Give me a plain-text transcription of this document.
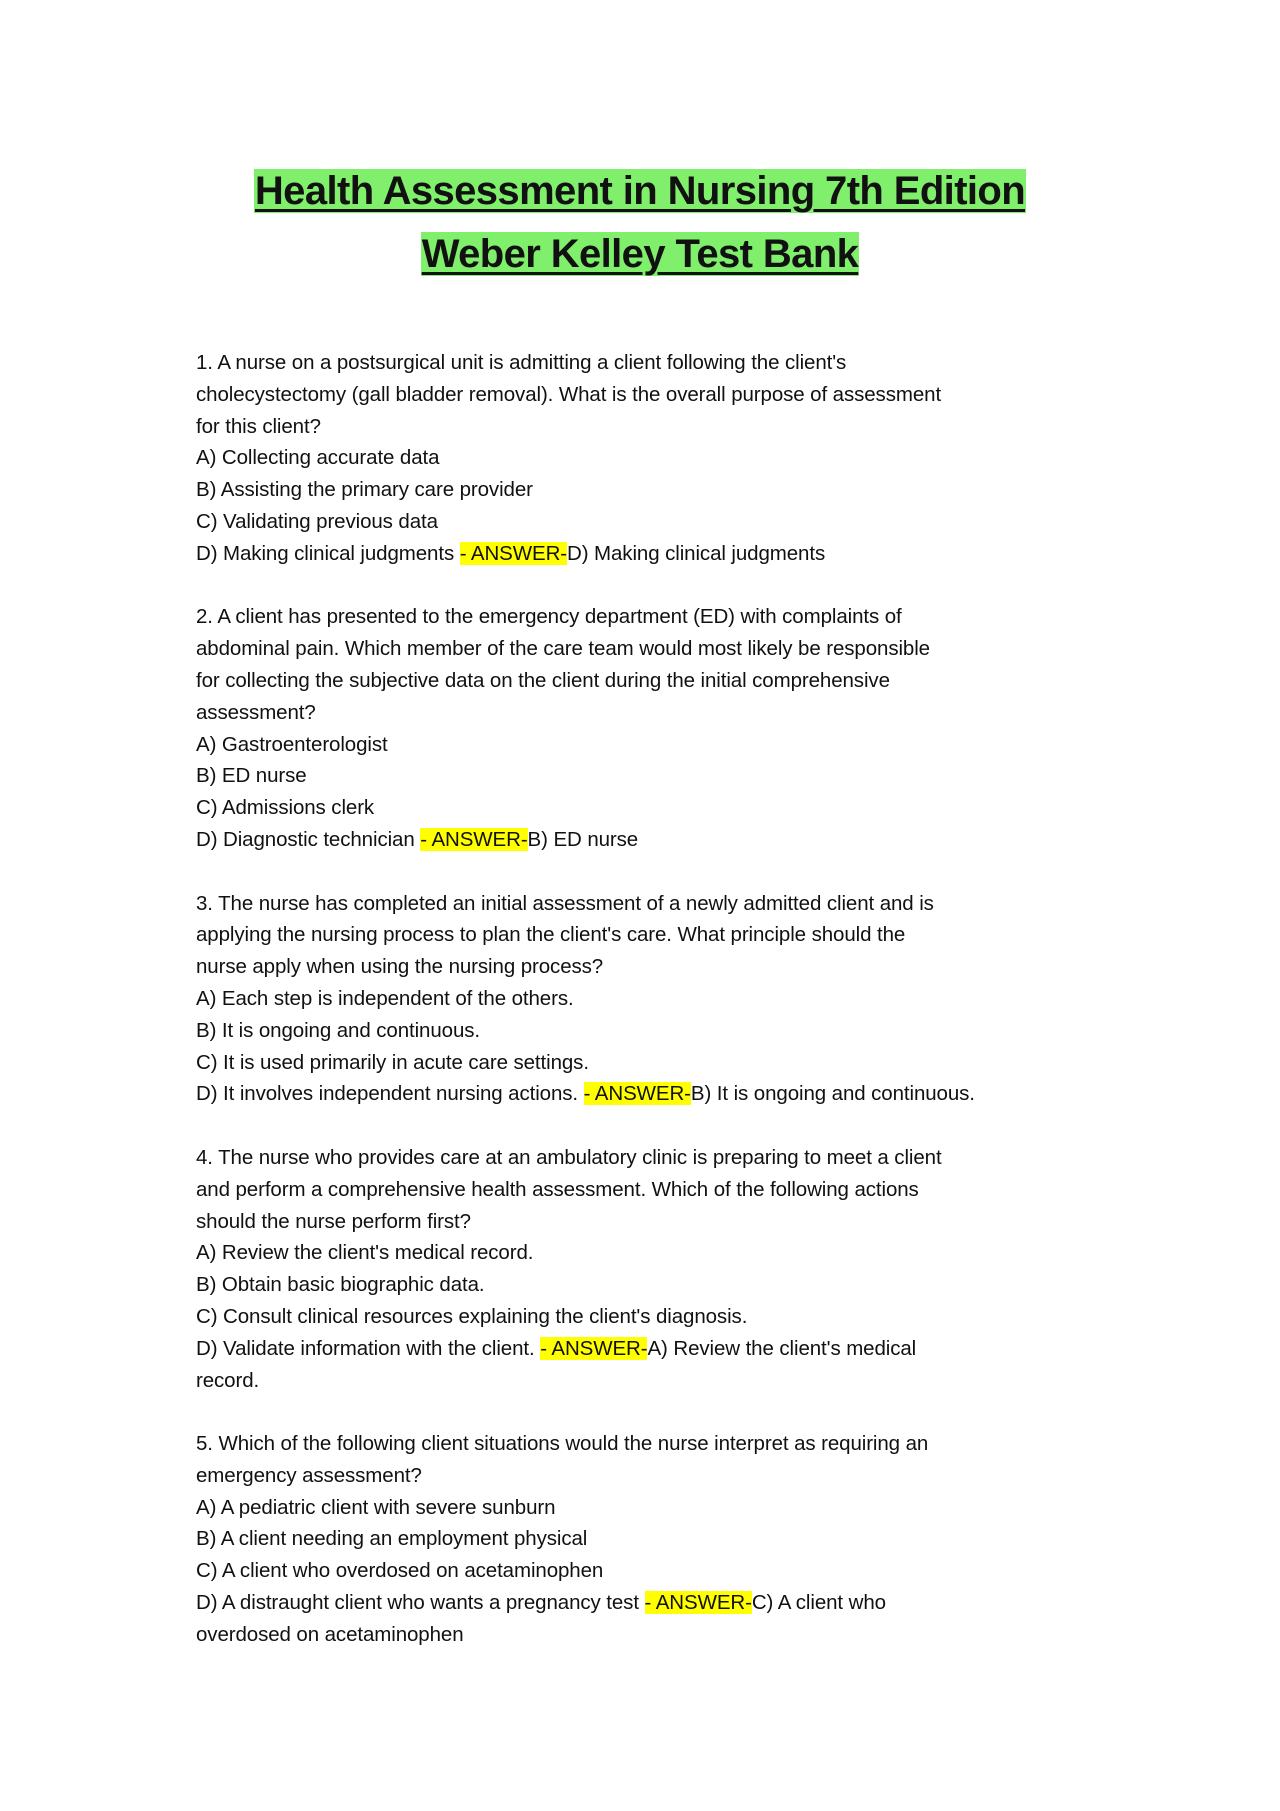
Health Assessment in Nursing 7th Edition
Weber Kelley Test Bank
1. A nurse on a postsurgical unit is admitting a client following the client's
cholecystectomy (gall bladder removal). What is the overall purpose of assessment
for this client?
A) Collecting accurate data
B) Assisting the primary care provider
C) Validating previous data
D) Making clinical judgments - ANSWER-D) Making clinical judgments
2. A client has presented to the emergency department (ED) with complaints of
abdominal pain. Which member of the care team would most likely be responsible
for collecting the subjective data on the client during the initial comprehensive
assessment?
A) Gastroenterologist
B) ED nurse
C) Admissions clerk
D) Diagnostic technician - ANSWER-B) ED nurse
3. The nurse has completed an initial assessment of a newly admitted client and is
applying the nursing process to plan the client's care. What principle should the
nurse apply when using the nursing process?
A) Each step is independent of the others.
B) It is ongoing and continuous.
C) It is used primarily in acute care settings.
D) It involves independent nursing actions. - ANSWER-B) It is ongoing and continuous.
4. The nurse who provides care at an ambulatory clinic is preparing to meet a client
and perform a comprehensive health assessment. Which of the following actions
should the nurse perform first?
A) Review the client's medical record.
B) Obtain basic biographic data.
C) Consult clinical resources explaining the client's diagnosis.
D) Validate information with the client. - ANSWER-A) Review the client's medical
record.
5. Which of the following client situations would the nurse interpret as requiring an
emergency assessment?
A) A pediatric client with severe sunburn
B) A client needing an employment physical
C) A client who overdosed on acetaminophen
D) A distraught client who wants a pregnancy test - ANSWER-C) A client who
overdosed on acetaminophen
